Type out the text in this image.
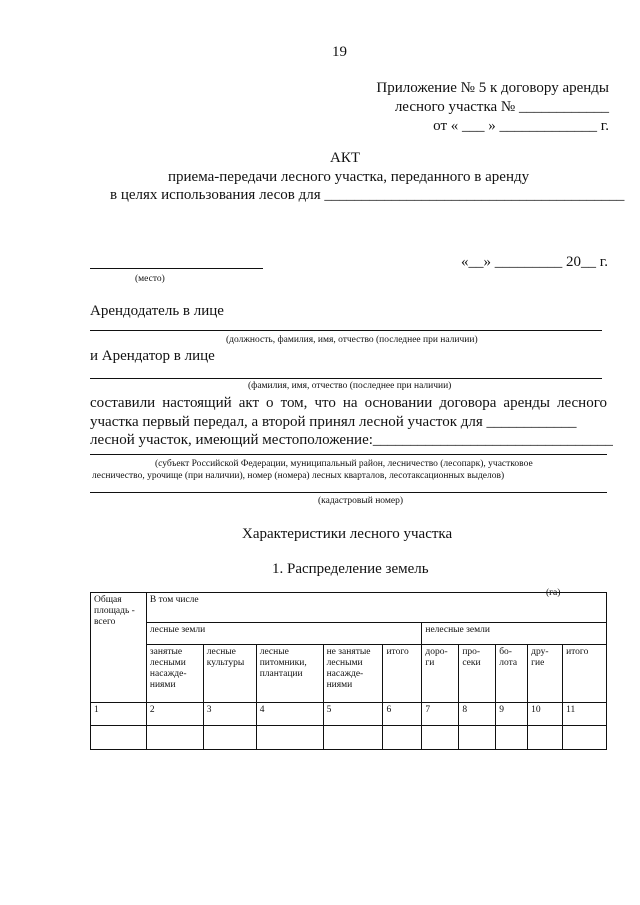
19
Приложение № 5 к договору аренды
лесного участка № ____________
от « ___ » _____________ г.
АКТ
приема-передачи лесного участка, переданного в аренду
в целях использования лесов для ________________________________________
«__» _________ 20__ г.
(место)
Арендодатель в лице
(должность, фамилия, имя, отчество (последнее при наличии)
и Арендатор в лице
(фамилия, имя, отчество (последнее при наличии)
составили настоящий акт о том, что на основании договора аренды лесного
участка первый передал, а второй принял лесной участок для ____________
лесной участок, имеющий местоположение:________________________________
(субъект Российской Федерации, муниципальный район, лесничество (лесопарк), участковое
лесничество, урочище (при наличии), номер (номера) лесных кварталов, лесотаксационных выделов)
(кадастровый номер)
Характеристики лесного участка
1. Распределение земель
(га)
Общая площадь - всего	В том числе									
	лесные земли					нелесные земли				
	занятые лесными насажде-ниями	лесные культуры	лесные питомники, плантации	не занятые лесными насажде-ниями	итого	доро-ги	про-секи	бо-лота	дру-гие	итого
1	2	3	4	5	6	7	8	9	10	11
